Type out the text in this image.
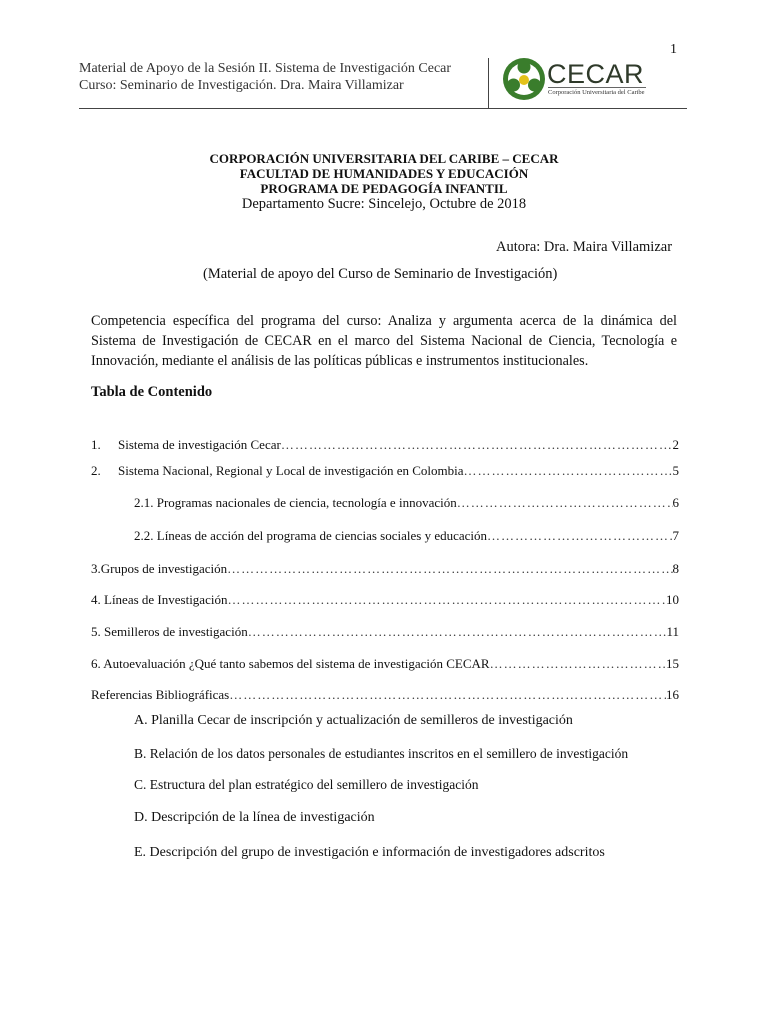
1
Material de Apoyo de la Sesión II. Sistema de Investigación Cecar
Curso: Seminario de Investigación. Dra. Maira Villamizar	CECAR
Corporación Universitaria del Caribe
CORPORACIÓN UNIVERSITARIA DEL CARIBE – CECAR
FACULTAD DE HUMANIDADES Y EDUCACIÓN
PROGRAMA DE PEDAGOGÍA INFANTIL
Departamento Sucre: Sincelejo, Octubre de 2018
Autora: Dra. Maira Villamizar
(Material de apoyo del Curso de Seminario de Investigación)
Competencia específica del programa del curso: Analiza y argumenta acerca de la dinámica del Sistema de Investigación de CECAR en el marco del Sistema Nacional de Ciencia, Tecnología e Innovación, mediante el análisis de las políticas públicas e instrumentos institucionales.
Tabla de Contenido
1. Sistema de investigación Cecar …………………………………………………………………………………………………………………………………………………………………………………………	2
2. Sistema Nacional, Regional y Local de investigación en Colombia …………………………………………………………………………………………………………………………………………………………………………………………	5
2.1. Programas nacionales de ciencia, tecnología e innovación …………………………………………………………………………………………………………………………………………………………………………………………	6
2.2. Líneas de acción del programa de ciencias sociales y educación …………………………………………………………………………………………………………………………………………………………………………………………	7
3.Grupos de investigación …………………………………………………………………………………………………………………………………………………………………………………………	8
4. Líneas de Investigación …………………………………………………………………………………………………………………………………………………………………………………………	10
5. Semilleros de investigación …………………………………………………………………………………………………………………………………………………………………………………………	11
6. Autoevaluación ¿Qué tanto sabemos del sistema de investigación CECAR …………………………………………………………………………………………………………………………………………………………………………………………	15
Referencias Bibliográficas …………………………………………………………………………………………………………………………………………………………………………………………	16
A. Planilla Cecar de inscripción y actualización de semilleros de investigación
B. Relación de los datos personales de estudiantes inscritos en el semillero de investigación
C. Estructura del plan estratégico del semillero de investigación
D. Descripción de la línea de investigación
E. Descripción del grupo de investigación e información de investigadores adscritos
